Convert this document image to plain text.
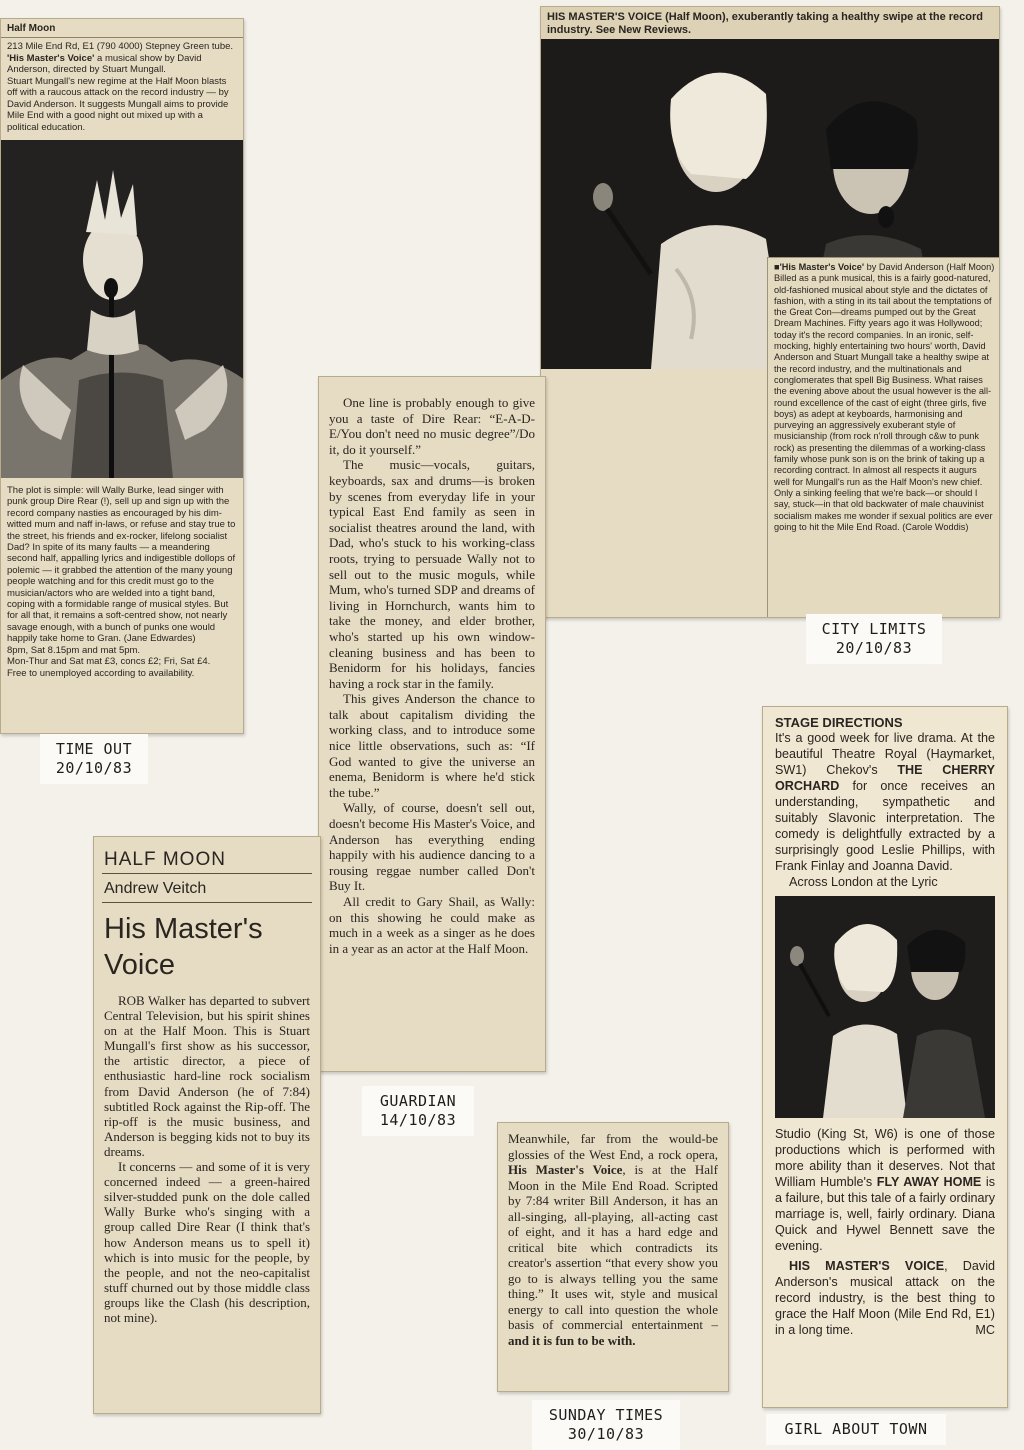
Half Moon

213 Mile End Rd, E1 (790 4000) Stepney Green tube.

'His Master's Voice' a musical show by David Anderson, directed by Stuart Mungall.

Stuart Mungall's new regime at the Half Moon blasts off with a raucous attack on the record industry — by David Anderson. It suggests Mungall aims to provide Mile End with a good night out mixed up with a political education.

The plot is simple: will Wally Burke, lead singer with punk group Dire Rear (!), sell up and sign up with the record company nasties as encouraged by his dim-witted mum and naff in-laws, or refuse and stay true to the street, his friends and ex-rocker, lifelong socialist Dad? In spite of its many faults — a meandering second half, appalling lyrics and indigestible dollops of polemic — it grabbed the attention of the many young people watching and for this credit must go to the musician/actors who are welded into a tight band, coping with a formidable range of musical styles. But for all that, it remains a soft-centred show, not nearly savage enough, with a bunch of punks one would happily take home to Gran. (Jane Edwardes)

8pm, Sat 8.15pm and mat 5pm.

Mon-Thur and Sat mat £3, concs £2; Fri, Sat £4.

Free to unemployed according to availability.

TIME OUT
20/10/83
HIS MASTER'S VOICE (Half Moon), exuberantly taking a healthy swipe at the record industry. See New Reviews.

■'His Master's Voice' by David Anderson (Half Moon)

Billed as a punk musical, this is a fairly good-natured, old-fashioned musical about style and the dictates of fashion, with a sting in its tail about the temptations of the Great Con—dreams pumped out by the Great Dream Machines. Fifty years ago it was Hollywood; today it's the record companies. In an ironic, self-mocking, highly entertaining two hours' worth, David Anderson and Stuart Mungall take a healthy swipe at the record industry, and the multinationals and conglomerates that spell Big Business. What raises the evening above about the usual however is the all-round excellence of the cast of eight (three girls, five boys) as adept at keyboards, harmonising and purveying an aggressively exuberant style of musicianship (from rock n'roll through c&w to punk rock) as presenting the dilemmas of a working-class family whose punk son is on the brink of taking up a recording contract. In almost all respects it augurs well for Mungall's run as the Half Moon's new chief. Only a sinking feeling that we're back—or should I say, stuck—in that old backwater of male chauvinist socialism makes me wonder if sexual politics are ever going to hit the Mile End Road. (Carole Woddis)

CITY LIMITS
20/10/83

One line is probably enough to give you a taste of Dire Rear: “E-A-D-E/You don't need no music degree”/Do it, do it yourself.”

The music—vocals, guitars, keyboards, sax and drums—is broken by scenes from everyday life in your typical East End family as seen in socialist theatres around the land, with Dad, who's stuck to his working-class roots, trying to persuade Wally not to sell out to the music moguls, while Mum, who's turned SDP and dreams of living in Hornchurch, wants him to take the money, and elder brother, who's started up his own window-cleaning business and has been to Benidorm for his holidays, fancies having a rock star in the family.

This gives Anderson the chance to talk about capitalism dividing the working class, and to introduce some nice little observations, such as: “If God wanted to give the universe an enema, Benidorm is where he'd stick the tube.”

Wally, of course, doesn't sell out, doesn't become His Master's Voice, and Anderson has everything ending happily with his audience dancing to a rousing reggae number called Don't Buy It.

All credit to Gary Shail, as Wally: on this showing he could make as much in a week as a singer as he does in a year as an actor at the Half Moon.

GUARDIAN
14/10/83
HALF MOON
Andrew Veitch
His Master's
Voice

ROB Walker has departed to subvert Central Television, but his spirit shines on at the Half Moon. This is Stuart Mungall's first show as his successor, the artistic director, a piece of enthusiastic hard-line rock socialism from David Anderson (he of 7:84) subtitled Rock against the Rip-off. The rip-off is the music business, and Anderson is begging kids not to buy its dreams.

It concerns — and some of it is very concerned indeed — a green-haired silver-studded punk on the dole called Wally Burke who's singing with a group called Dire Rear (I think that's how Anderson means us to spell it) which is into music for the people, by the people, and not the neo-capitalist stuff churned out by those middle class groups like the Clash (his description, not mine).

Meanwhile, far from the would-be glossies of the West End, a rock opera, His Master's Voice, is at the Half Moon in the Mile End Road. Scripted by 7:84 writer Bill Anderson, it has an all-singing, all-playing, all-acting cast of eight, and it has a hard edge and critical bite which contradicts its creator's assertion “that every show you go to is always telling you the same thing.” It uses wit, style and musical energy to call into question the whole basis of commercial entertainment – and it is fun to be with.
SUNDAY TIMES
30/10/83
STAGE DIRECTIONS
It's a good week for live drama. At the beautiful Theatre Royal (Haymarket, SW1) Chekov's THE CHERRY ORCHARD for once receives an understanding, sympathetic and suitably Slavonic interpretation. The comedy is delightfully extracted by a surprisingly good Leslie Phillips, with Frank Finlay and Joanna David.
Across London at the Lyric
Studio (King St, W6) is one of those productions which is performed with more ability than it deserves. Not that William Humble's FLY AWAY HOME is a failure, but this tale of a fairly ordinary marriage is, well, fairly ordinary. Diana Quick and Hywel Bennett save the evening.
HIS MASTER'S VOICE, David Anderson's musical attack on the record industry, is the best thing to grace the Half Moon (Mile End Rd, E1) in a long time.	MC
GIRL ABOUT TOWN
